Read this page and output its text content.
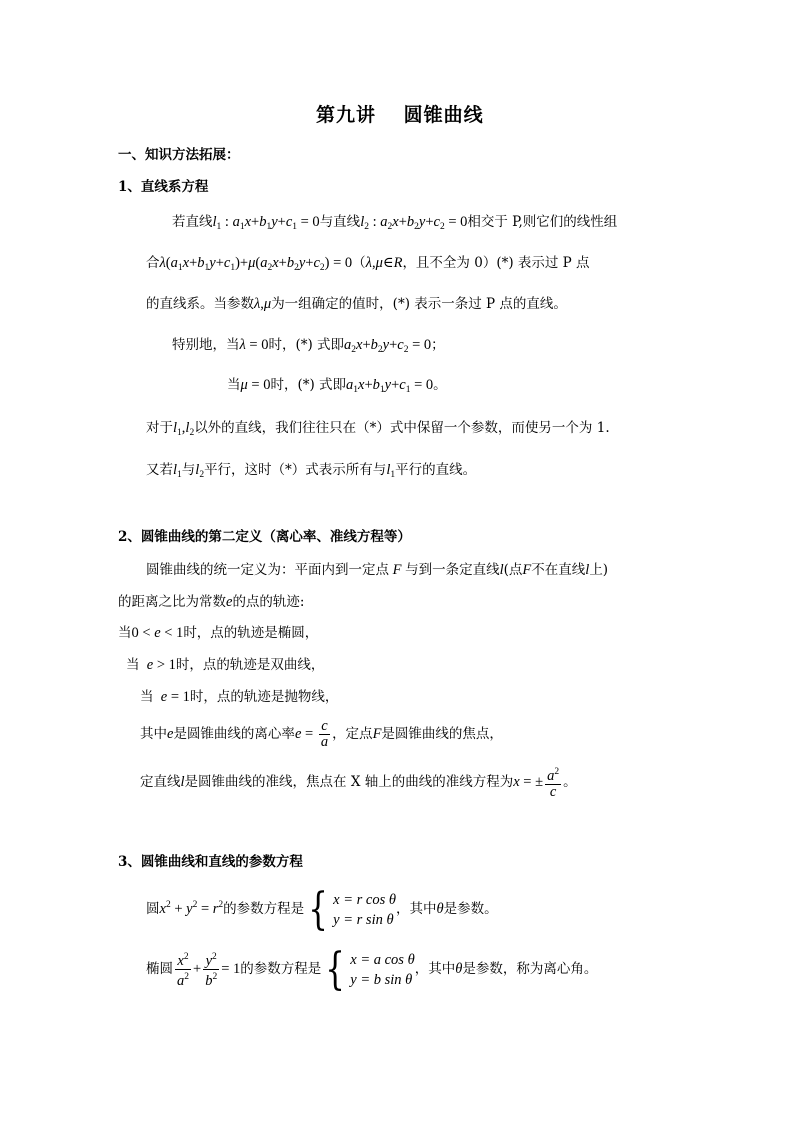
第九讲　 圆锥曲线
一、知识方法拓展：
1、直线系方程
若直线$l_1$ : $a_1x+b_1y+c_1 = 0$与直线$l_2$ : $a_2x+b_2y+c_2 = 0$相交于 P,则它们的线性组
合$\lambda(a_1x+b_1y+c_1)+\mu(a_2x+b_2y+c_2)$ = 0（λ,μ∈R，且不全为 0）(*) 表示过 P 点
的直线系。当参数λ,μ为一组确定的值时，(*) 表示一条过 P 点的直线。
特别地，当λ = 0时，(*) 式即$a_2x+b_2y+c_2 = 0$；
当μ = 0时，(*) 式即$a_1x+b_1y+c_1 = 0$。
对于$l_1,l_2$以外的直线，我们往往只在（*）式中保留一个参数，而使另一个为 1.
又若$l_1$与$l_2$平行，这时（*）式表示所有与$l_1$平行的直线。
2、圆锥曲线的第二定义（离心率、准线方程等）
圆锥曲线的统一定义为：平面内到一定点 F 与到一条定直线l(点F不在直线l上)
的距离之比为常数e的点的轨迹:
当0 < e < 1时，点的轨迹是椭圆，
当  e > 1时，点的轨迹是双曲线，
当  e = 1时，点的轨迹是抛物线，
其中e是圆锥曲线的离心率$e = \frac{c}{a}$ ，定点F是圆锥曲线的焦点，
定直线l是圆锥曲线的准线，焦点在 X 轴上的曲线的准线方程为x = ± $\frac{a^2}{c}$ 。
3、圆锥曲线和直线的参数方程
圆$x^2 + y^2 = r^2$的参数方程是 { x = r cos θ
y = r sin θ
，其中θ是参数。
椭圆 $\frac{x^2}{a^2} + \frac{y^2}{b^2} = 1$的参数方程是 { x = a cos θ
y = b sin θ
，其中θ是参数，称为离心角。
